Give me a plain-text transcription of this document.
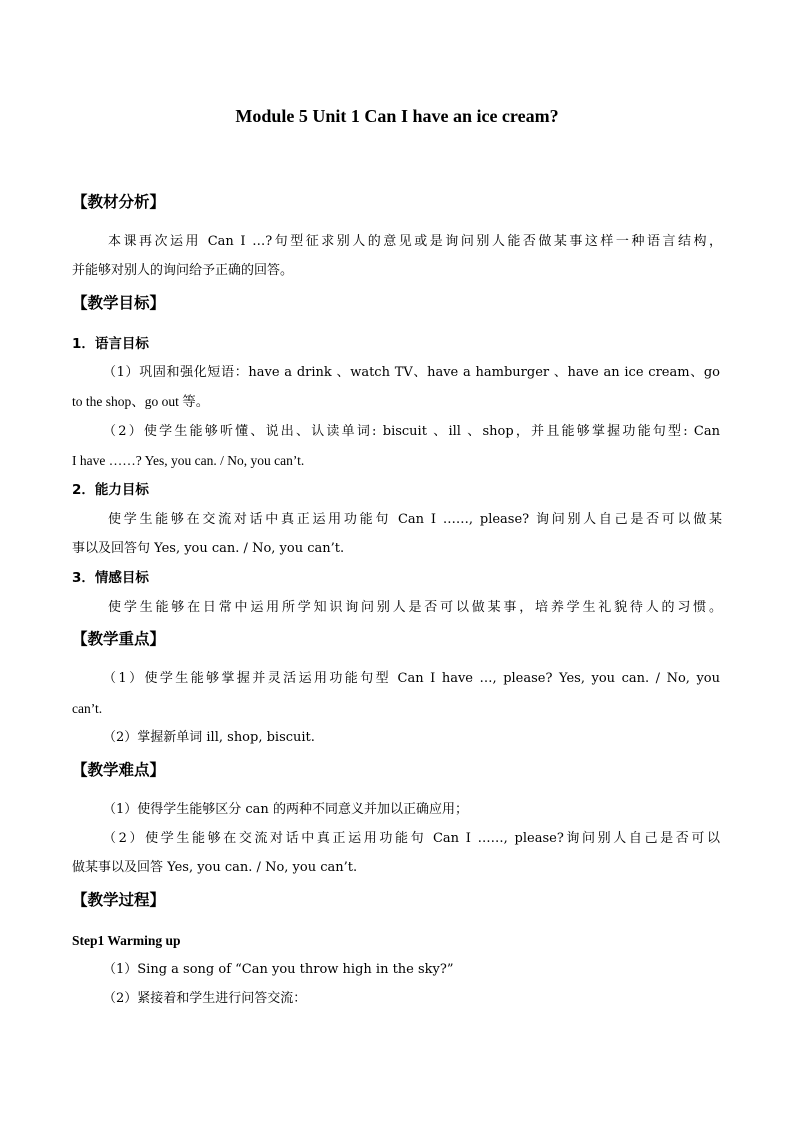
Module 5 Unit 1 Can I have an ice cream?
【教材分析】
本课再次运用 Can I …?句型征求别人的意见或是询问别人能否做某事这样一种语言结构，
并能够对别人的询问给予正确的回答。
【教学目标】
1．语言目标
（1）巩固和强化短语：have a drink 、watch TV、have a hamburger 、have an ice cream、go
to the shop、go out 等。
（2）使学生能够听懂、说出、认读单词: biscuit 、ill 、shop，并且能够掌握功能句型: Can
I have ……? Yes, you can. / No, you can’t.
2．能力目标
使学生能够在交流对话中真正运用功能句 Can I ……, please? 询问别人自己是否可以做某
事以及回答句 Yes, you can. / No, you can’t.
3．情感目标
使学生能够在日常中运用所学知识询问别人是否可以做某事，培养学生礼貌待人的习惯。
【教学重点】
（1）使学生能够掌握并灵活运用功能句型 Can I have …, please? Yes, you can. / No, you
can’t.
（2）掌握新单词 ill, shop, biscuit.
【教学难点】
（1）使得学生能够区分 can 的两种不同意义并加以正确应用；
（2）使学生能够在交流对话中真正运用功能句 Can I ……, please?询问别人自己是否可以
做某事以及回答 Yes, you can. / No, you can’t.
【教学过程】
Step1 Warming up
（1）Sing a song of “Can you throw high in the sky?”
（2）紧接着和学生进行问答交流：
